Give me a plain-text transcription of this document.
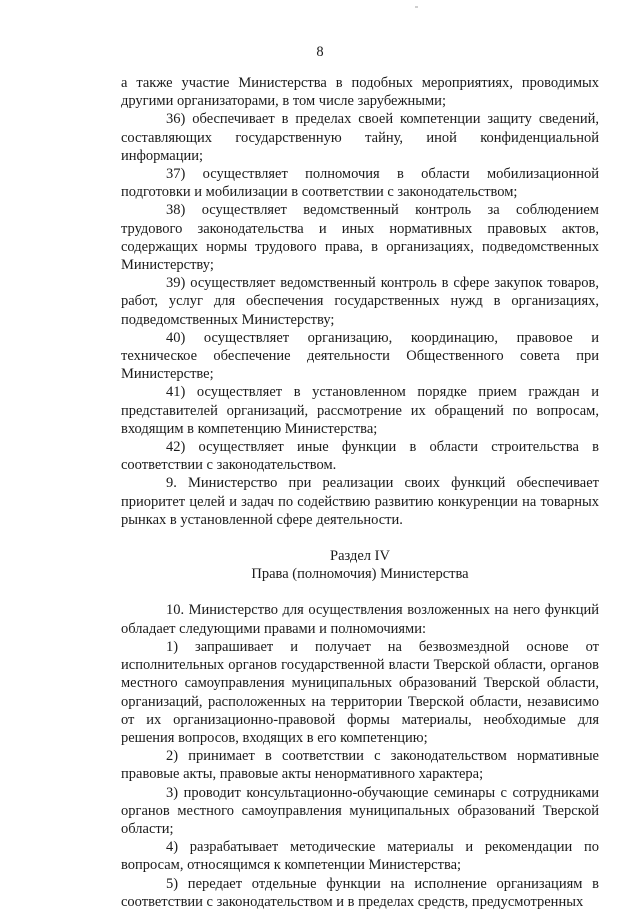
8

а также участие Министерства в подобных мероприятиях, проводимых другими организаторами, в том числе зарубежными;

36) обеспечивает в пределах своей компетенции защиту сведений, составляющих государственную тайну, иной конфиденциальной информации;

37) осуществляет полномочия в области мобилизационной подготовки и мобилизации в соответствии с законодательством;

38) осуществляет ведомственный контроль за соблюдением трудового законодательства и иных нормативных правовых актов, содержащих нормы трудового права, в организациях, подведомственных Министерству;

39) осуществляет ведомственный контроль в сфере закупок товаров, работ, услуг для обеспечения государственных нужд в организациях, подведомственных Министерству;

40) осуществляет организацию, координацию, правовое и техническое обеспечение деятельности Общественного совета при Министерстве;

41) осуществляет в установленном порядке прием граждан и представителей организаций, рассмотрение их обращений по вопросам, входящим в компетенцию Министерства;

42) осуществляет иные функции в области строительства в соответствии с законодательством.

9. Министерство при реализации своих функций обеспечивает приоритет целей и задач по содействию развитию конкуренции на товарных рынках в установленной сфере деятельности.

Раздел IV

Права (полномочия) Министерства

10. Министерство для осуществления возложенных на него функций обладает следующими правами и полномочиями:

1) запрашивает и получает на безвозмездной основе от исполнительных органов государственной власти Тверской области, органов местного самоуправления муниципальных образований Тверской области, организаций, расположенных на территории Тверской области, независимо от их организационно-правовой формы материалы, необходимые для решения вопросов, входящих в его компетенцию;

2) принимает в соответствии с законодательством нормативные правовые акты, правовые акты ненормативного характера;

3) проводит консультационно-обучающие семинары с сотрудниками органов местного самоуправления муниципальных образований Тверской области;

4) разрабатывает методические материалы и рекомендации по вопросам, относящимся к компетенции Министерства;

5) передает отдельные функции на исполнение организациям в соответствии с законодательством и в пределах средств, предусмотренных
